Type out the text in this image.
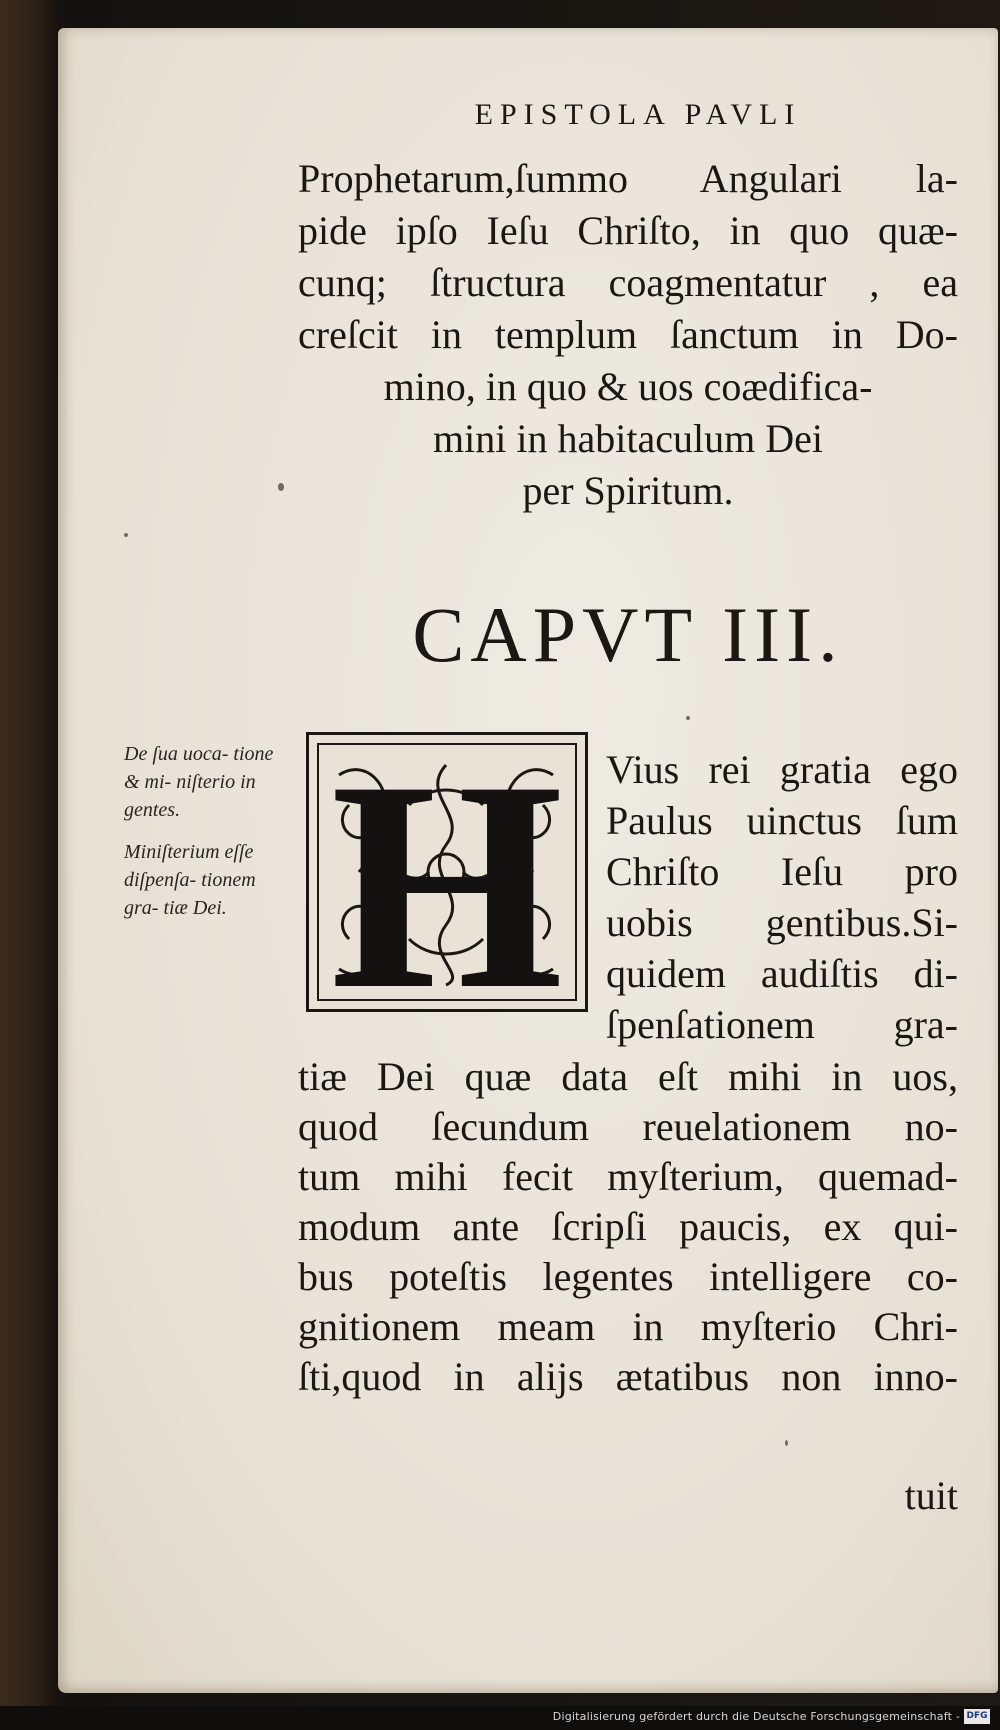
EPISTOLA PAVLI
Prophetarum,ſummo Angulari la-
pide ipſo Ieſu Chriſto, in quo quæ-
cunq; ſtructura coagmentatur , ea
creſcit in templum ſanctum in Do-
mino, in quo & uos coædifica-
mini in habitaculum Dei
per Spiritum.
CAPVT III.

De ſua uoca- tione & mi- niſterio in gentes.

Miniſterium eſſe diſpenſa- tionem gra- tiæ Dei. H Vius rei gratia ego
Paulus uinctus ſum
Chriſto Ieſu pro
uobis gentibus.Si-
quidem audiſtis di-
ſpenſationem gra-
tiæ Dei quæ data eſt mihi in uos,
quod ſecundum reuelationem no-
tum mihi fecit myſterium, quemad-
modum ante ſcripſi paucis, ex qui-
bus poteſtis legentes intelligere co-
gnitionem meam in myſterio Chri-
ſti,quod in alijs ætatibus non inno-
tuit
Digitalisierung gefördert durch die Deutsche Forschungsgemeinschaft - DFG
